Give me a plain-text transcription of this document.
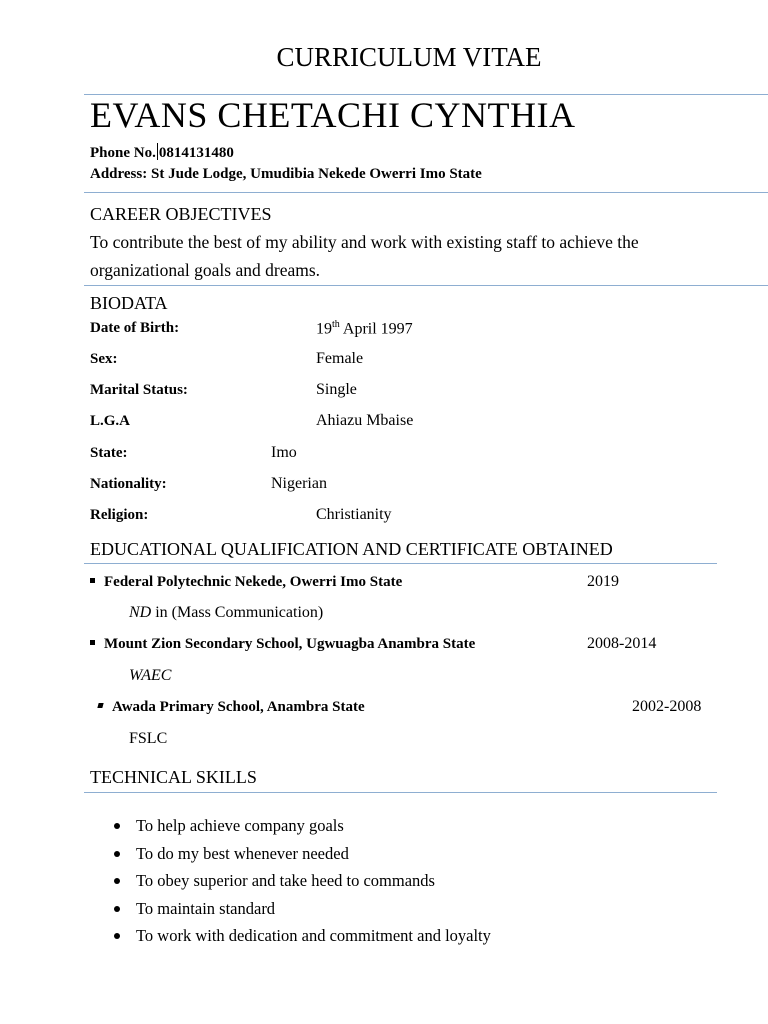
CURRICULUM VITAE
EVANS CHETACHI CYNTHIA
Phone No. 0814131480
Address: St Jude Lodge, Umudibia Nekede Owerri Imo State
CAREER OBJECTIVES
To contribute the best of my ability and work with existing staff to achieve the
organizational goals and dreams.
BIODATA
Date of Birth:	19th April 1997
Sex:	Female
Marital Status:	Single
L.G.A	Ahiazu Mbaise
State:	Imo
Nationality:	Nigerian
Religion:	Christianity
EDUCATIONAL QUALIFICATION AND CERTIFICATE OBTAINED
Federal Polytechnic Nekede, Owerri Imo State	2019
ND in (Mass Communication)
Mount Zion Secondary School, Ugwuagba Anambra State	2008-2014
WAEC
Awada Primary School, Anambra State	2002-2008
FSLC
TECHNICAL SKILLS
To help achieve company goals
To do my best whenever needed
To obey superior and take heed to commands
To maintain standard
To work with dedication and commitment and loyalty
